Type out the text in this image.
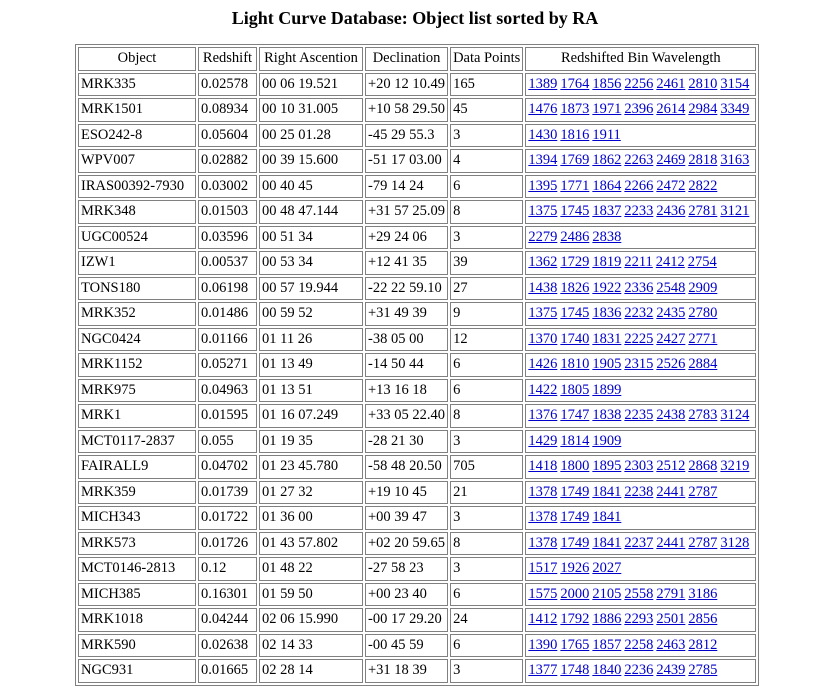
Light Curve Database: Object list sorted by RA
Object	Redshift	Right Ascention	Declination	Data Points	Redshifted Bin Wavelength
MRK335	0.02578	00 06 19.521	+20 12 10.49	165	1389 1764 1856 2256 2461 2810 3154
MRK1501	0.08934	00 10 31.005	+10 58 29.50	45	1476 1873 1971 2396 2614 2984 3349
ESO242-8	0.05604	00 25 01.28	-45 29 55.3	3	1430 1816 1911
WPV007	0.02882	00 39 15.600	-51 17 03.00	4	1394 1769 1862 2263 2469 2818 3163
IRAS00392-7930	0.03002	00 40 45	-79 14 24	6	1395 1771 1864 2266 2472 2822
MRK348	0.01503	00 48 47.144	+31 57 25.09	8	1375 1745 1837 2233 2436 2781 3121
UGC00524	0.03596	00 51 34	+29 24 06	3	2279 2486 2838
IZW1	0.00537	00 53 34	+12 41 35	39	1362 1729 1819 2211 2412 2754
TONS180	0.06198	00 57 19.944	-22 22 59.10	27	1438 1826 1922 2336 2548 2909
MRK352	0.01486	00 59 52	+31 49 39	9	1375 1745 1836 2232 2435 2780
NGC0424	0.01166	01 11 26	-38 05 00	12	1370 1740 1831 2225 2427 2771
MRK1152	0.05271	01 13 49	-14 50 44	6	1426 1810 1905 2315 2526 2884
MRK975	0.04963	01 13 51	+13 16 18	6	1422 1805 1899
MRK1	0.01595	01 16 07.249	+33 05 22.40	8	1376 1747 1838 2235 2438 2783 3124
MCT0117-2837	0.055	01 19 35	-28 21 30	3	1429 1814 1909
FAIRALL9	0.04702	01 23 45.780	-58 48 20.50	705	1418 1800 1895 2303 2512 2868 3219
MRK359	0.01739	01 27 32	+19 10 45	21	1378 1749 1841 2238 2441 2787
MICH343	0.01722	01 36 00	+00 39 47	3	1378 1749 1841
MRK573	0.01726	01 43 57.802	+02 20 59.65	8	1378 1749 1841 2237 2441 2787 3128
MCT0146-2813	0.12	01 48 22	-27 58 23	3	1517 1926 2027
MICH385	0.16301	01 59 50	+00 23 40	6	1575 2000 2105 2558 2791 3186
MRK1018	0.04244	02 06 15.990	-00 17 29.20	24	1412 1792 1886 2293 2501 2856
MRK590	0.02638	02 14 33	-00 45 59	6	1390 1765 1857 2258 2463 2812
NGC931	0.01665	02 28 14	+31 18 39	3	1377 1748 1840 2236 2439 2785
